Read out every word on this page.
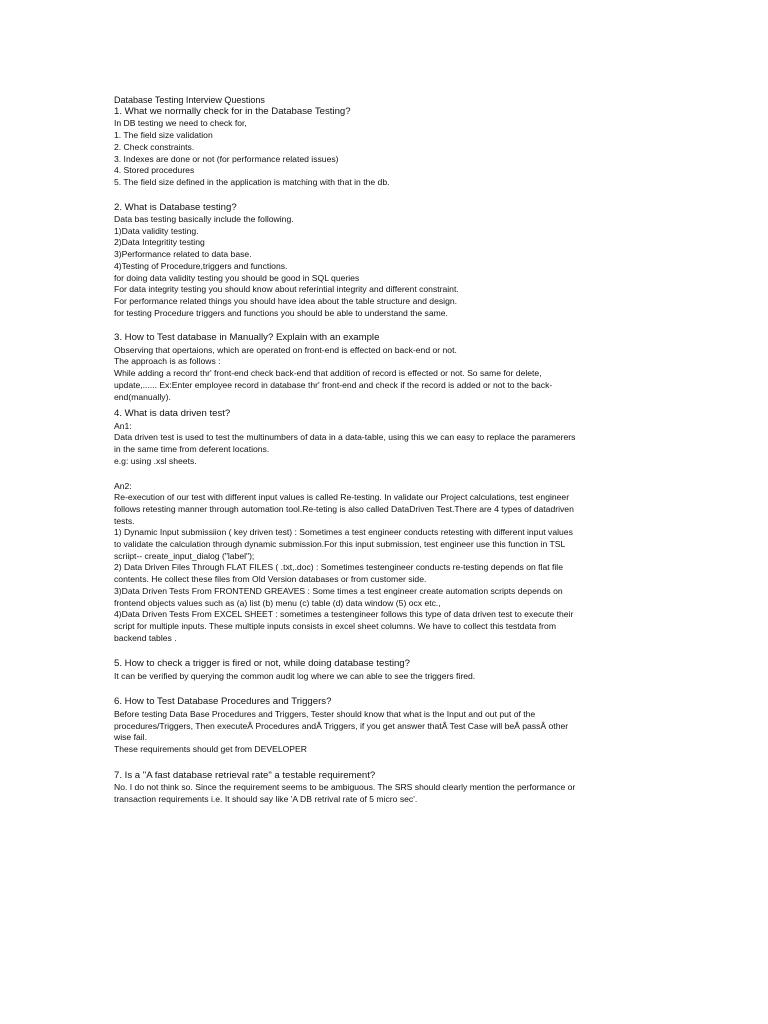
Database Testing Interview Questions

1. What we normally check for in the Database Testing?

In DB testing we need to check for,

1. The field size validation

2. Check constraints.

3. Indexes are done or not (for performance related issues)

4. Stored procedures

5. The field size defined in the application is matching with that in the db.

2. What is Database testing?

Data bas testing basically include the following.

1)Data validity testing.

2)Data Integritity testing

3)Performance related to data base.

4)Testing of Procedure,triggers and functions.

for doing data validity testing you should be good in SQL queries

For data integrity testing you should know about referintial integrity and different constraint.

For performance related things you should have idea about the table structure and design.

for testing Procedure triggers and functions you should be able to understand the same.

3. How to Test database in Manually? Explain with an example

Observing that opertaions, which are operated on front-end is effected on back-end or not.

The approach is as follows :

While adding a record thr' front-end check back-end that addition of record is effected or not. So same for delete,

update,...... Ex:Enter employee record in database thr' front-end and check if the record is added or not to the back-

end(manually).

4. What is data driven test?

An1:

Data driven test is used to test the multinumbers of data in a data-table, using this we can easy to replace the paramerers

in the same time from deferent locations.

e.g: using .xsl sheets.

An2:

Re-execution of our test with different input values is called Re-testing. In validate our Project calculations, test engineer

follows retesting manner through automation tool.Re-teting is also called DataDriven Test.There are 4 types of datadriven

tests.

1) Dynamic Input submissiion ( key driven test) : Sometimes a test engineer conducts retesting with different input values

to validate the calculation through dynamic submission.For this input submission, test engineer use this function in TSL

scriipt-- create_input_dialog ("label");

2) Data Driven Files Through FLAT FILES ( .txt,.doc) : Sometimes testengineer conducts re-testing depends on flat file

contents. He collect these files from Old Version databases or from customer side.

3)Data Driven Tests From FRONTEND GREAVES : Some times a test engineer create automation scripts depends on

frontend objects values such as (a) list (b) menu (c) table (d) data window (5) ocx etc.,

4)Data Driven Tests From EXCEL SHEET : sometimes a testengineer follows this type of data driven test to execute their

script for multiple inputs. These multiple inputs consists in excel sheet columns. We have to collect this testdata from

backend tables .

5. How to check a trigger is fired or not, while doing database testing?

It can be verified by querying the common audit log where we can able to see the triggers fired.

6. How to Test Database Procedures and Triggers?

Before testing Data Base Procedures and Triggers, Tester should know that what is the Input and out put of the

procedures/Triggers, Then executeÂ Procedures andÂ Triggers, if you get answer thatÂ Test Case will beÂ passÂ other

wise fail.

These requirements should get from DEVELOPER

7. Is a "A fast database retrieval rate" a testable requirement?

No. I do not think so. Since the requirement seems to be ambiguous. The SRS should clearly mention the performance or

transaction requirements i.e. It should say like 'A DB retrival rate of 5 micro sec'.
